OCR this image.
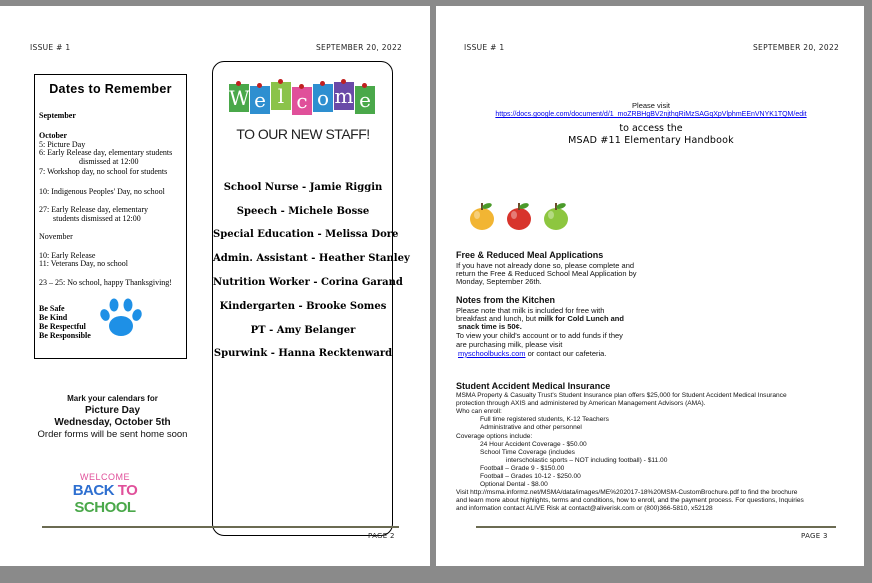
ISSUE # 1	SEPTEMBER 20, 2022
Dates to Remember
September
October
5: Picture Day
6: Early Release day, elementary students
dismissed at 12:00
7: Workshop day, no school for students
10: Indigenous Peoples' Day, no school
27: Early Release day, elementary
students dismissed at 12:00
November
10: Early Release
11: Veterans Day, no school
23 – 25: No school, happy Thanksgiving!
Be Safe
Be Kind
Be Respectful
Be Responsible
W e l c o m e
TO OUR NEW STAFF!
School Nurse - Jamie Riggin
Speech - Michele Bosse
Special Education - Melissa Dore
Admin. Assistant - Heather Stanley
Nutrition Worker - Corina Garand
Kindergarten - Brooke Somes
PT - Amy Belanger
Spurwink - Hanna Recktenward
Mark your calendars for
Picture Day
Wednesday, October 5th
Order forms will be sent home soon
WELCOME
BACK TO SCHOOL
PAGE 2
ISSUE # 1	SEPTEMBER 20, 2022
Please visit
https://docs.google.com/document/d/1_moZRBHgBV2njthqRiMzSAGqXpVlphmEEnVNYK1TQM/edit
to access the
MSAD #11 Elementary Handbook
Free & Reduced Meal Applications
If you have not already done so, please complete and
return the Free & Reduced School Meal Application by
Monday, September 26th.
Notes from the Kitchen
Please note that milk is included for free with
breakfast and lunch, but milk for Cold Lunch and
snack time is 50¢.
To view your child's account or to add funds if they
are purchasing milk, please visit
myschoolbucks.com or contact our cafeteria.
Student Accident Medical Insurance
MSMA Property & Casualty Trust's Student Insurance plan offers $25,000 for Student Accident Medical Insurance
protection through AXIS and administered by American Management Advisors (AMA).
Who can enroll:
Full time registered students, K-12 Teachers
Administrative and other personnel
Coverage options include:
24 Hour Accident Coverage - $50.00
School Time Coverage (includes
interscholastic sports – NOT including football) - $11.00
Football – Grade 9 - $150.00
Football – Grades 10-12 - $250.00
Optional Dental - $8.00
Visit http://msma.informz.net/MSMA/data/images/ME%202017-18%20MSM-CustomBrochure.pdf to find the brochure
and learn more about highlights, terms and conditions, how to enroll, and the payment process. For questions, Inquiries
and information contact ALIVE Risk at contact@aliverisk.com or (800)366-5810, x52128
PAGE 3
